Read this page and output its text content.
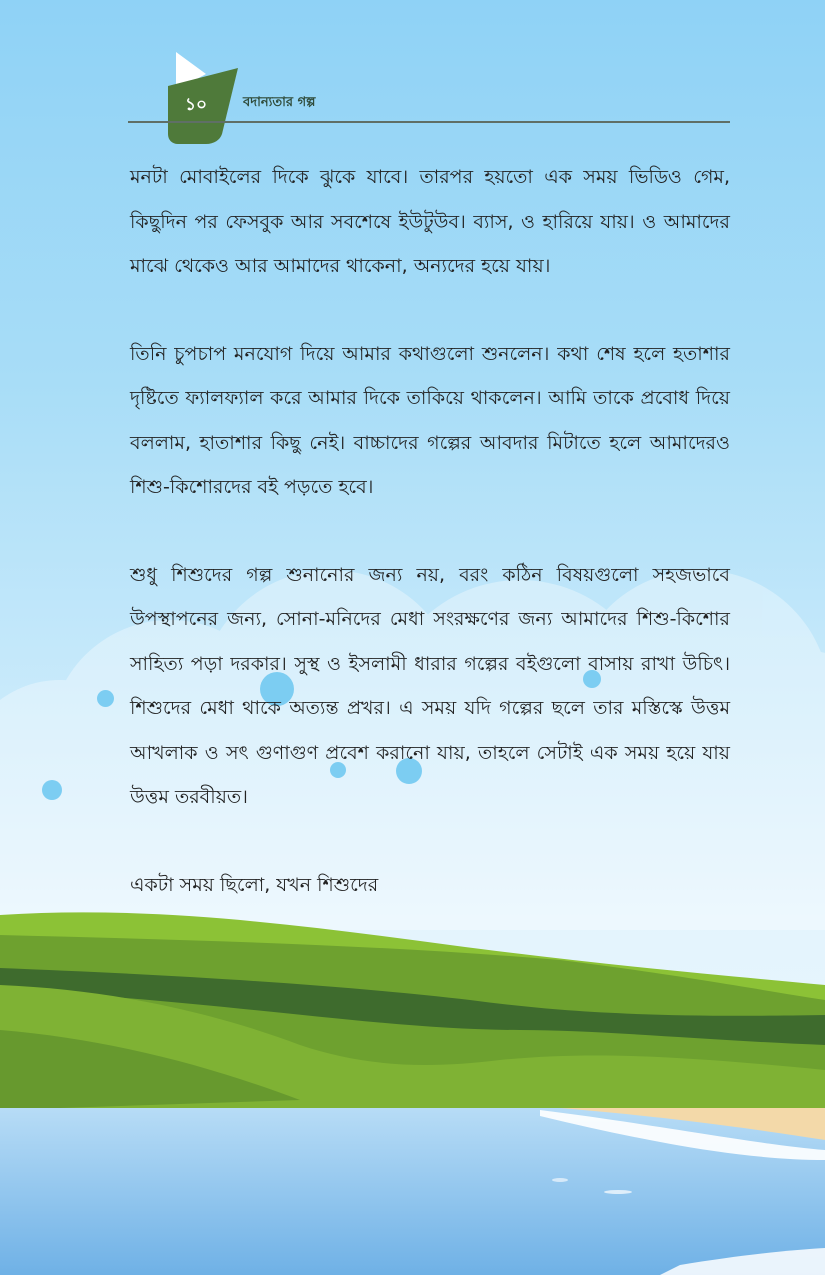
১০	বদান্যতার গল্প

মনটা মোবাইলের দিকে ঝুকে যাবে। তারপর হয়তো এক সময় ভিডিও গেম, কিছুদিন পর ফেসবুক আর সবশেষে ইউটুউব। ব্যাস, ও হারিয়ে যায়। ও আমাদের মাঝে থেকেও আর আমাদের থাকেনা, অন্যদের হয়ে যায়।

তিনি চুপচাপ মনযোগ দিয়ে আমার কথাগুলো শুনলেন। কথা শেষ হলে হতাশার দৃষ্টিতে ফ্যালফ্যাল করে আমার দিকে তাকিয়ে থাকলেন। আমি তাকে প্রবোধ দিয়ে বললাম, হাতাশার কিছু নেই। বাচ্চাদের গল্পের আবদার মিটাতে হলে আমাদেরও শিশু-কিশোরদের বই পড়তে হবে।

শুধু শিশুদের গল্প শুনানোর জন্য নয়, বরং কঠিন বিষয়গুলো সহজভাবে উপস্থাপনের জন্য, সোনা-মনিদের মেধা সংরক্ষণের জন্য আমাদের শিশু-কিশোর সাহিত্য পড়া দরকার। সুস্থ ও ইসলামী ধারার গল্পের বইগুলো বাসায় রাখা উচিৎ। শিশুদের মেধা থাকে অত্যন্ত প্রখর। এ সময় যদি গল্পের ছলে তার মস্তিস্কে উত্তম আখলাক ও সৎ গুণাগুণ প্রবেশ করানো যায়, তাহলে সেটাই এক সময় হয়ে যায় উত্তম তরবীয়ত।

একটা সময় ছিলো, যখন শিশুদের
